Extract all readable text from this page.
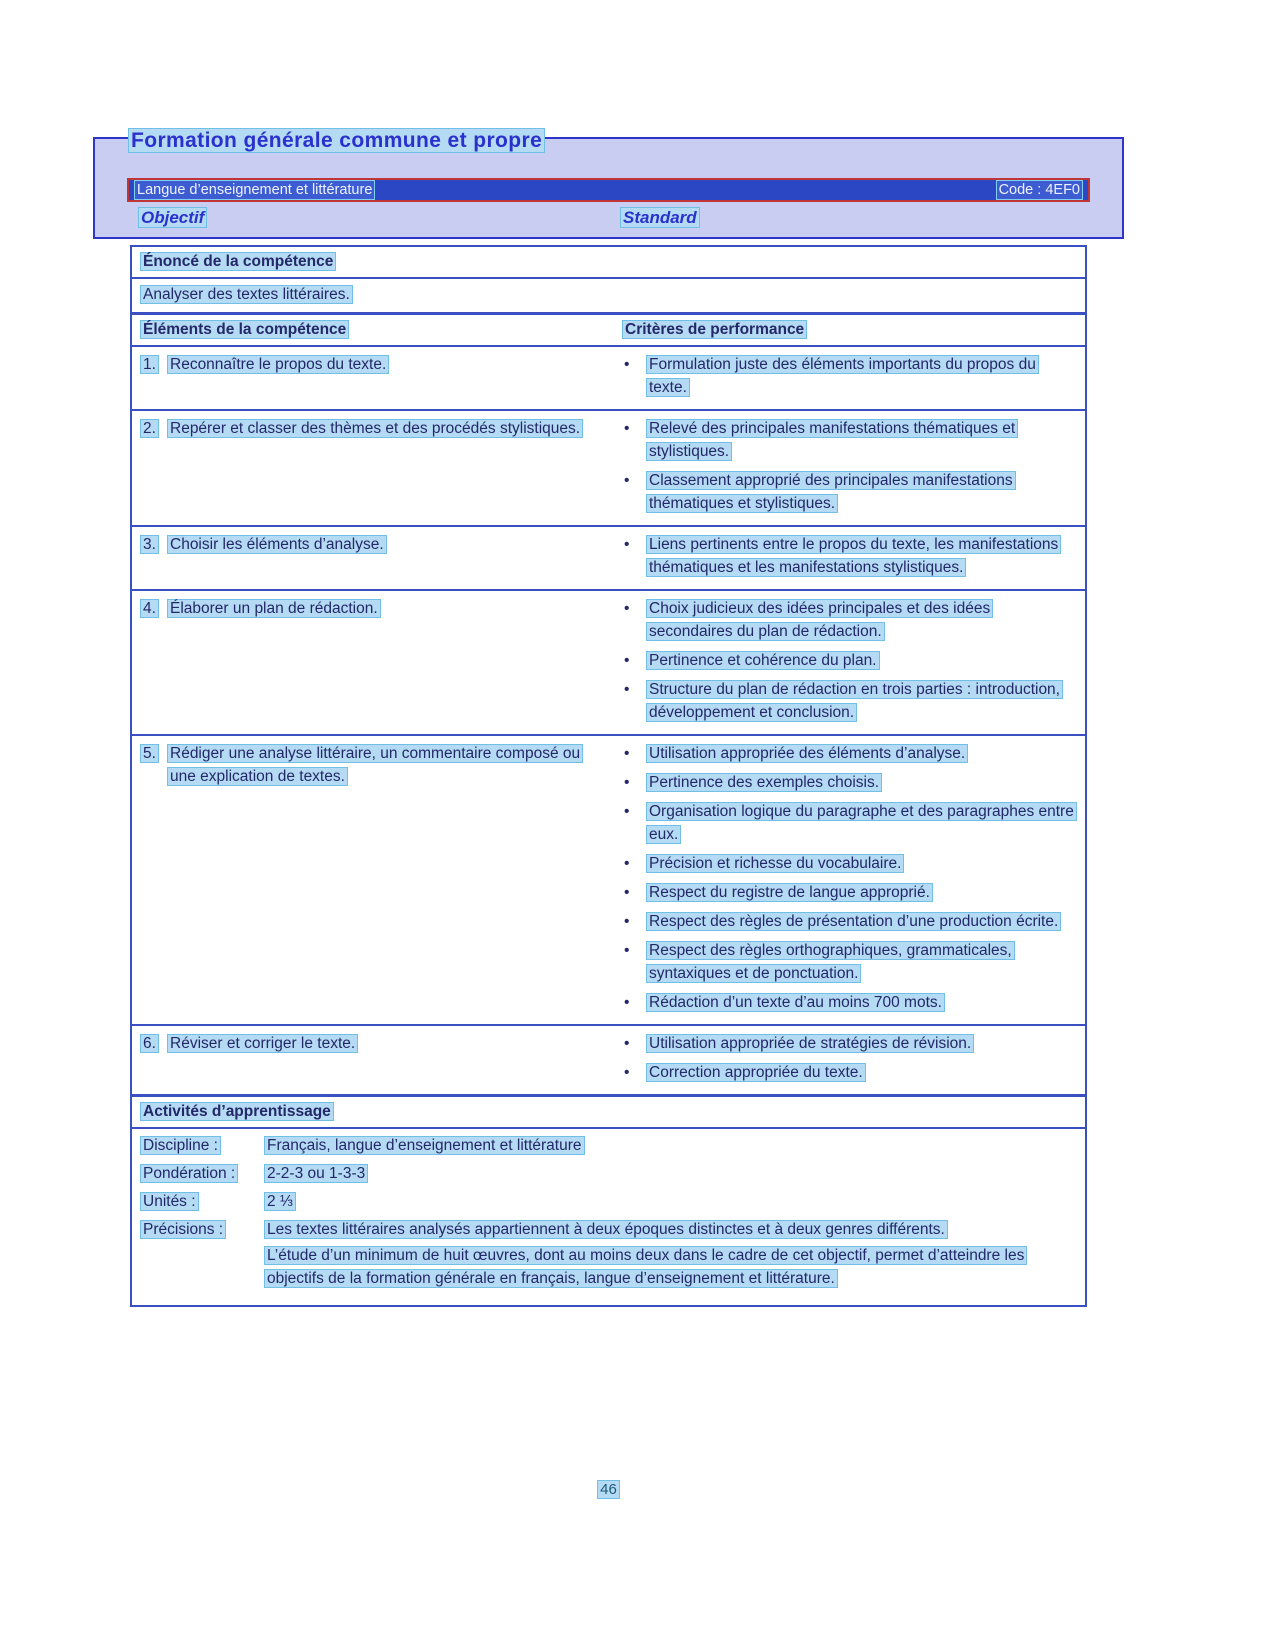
Formation générale commune et propre
Langue d’enseignement et littérature	Code : 4EF0
Objectif	Standard
Énoncé de la compétence
Analyser des textes littéraires.
Éléments de la compétence	Critères de performance
1. Reconnaître le propos du texte.	•	Formulation juste des éléments importants du propos du texte.
2. Repérer et classer des thèmes et des procédés stylistiques.	•	Relevé des principales manifestations thématiques et stylistiques.
•	Classement approprié des principales manifestations thématiques et stylistiques.
3. Choisir les éléments d’analyse.	•	Liens pertinents entre le propos du texte, les manifestations thématiques et les manifestations stylistiques.
4. Élaborer un plan de rédaction.	•	Choix judicieux des idées principales et des idées secondaires du plan de rédaction.
•	Pertinence et cohérence du plan.
•	Structure du plan de rédaction en trois parties : introduction, développement et conclusion.
5. Rédiger une analyse littéraire, un commentaire composé ou une explication de textes.
•	Utilisation appropriée des éléments d’analyse.
•	Pertinence des exemples choisis.
•	Organisation logique du paragraphe et des paragraphes entre eux.
•	Précision et richesse du vocabulaire.
•	Respect du registre de langue approprié.
•	Respect des règles de présentation d’une production écrite.
•	Respect des règles orthographiques, grammaticales, syntaxiques et de ponctuation.
•	Rédaction d’un texte d’au moins 700 mots.
6. Réviser et corriger le texte.	•	Utilisation appropriée de stratégies de révision.
•	Correction appropriée du texte.
Activités d’apprentissage
Discipline :	Français, langue d’enseignement et littérature
Pondération :	2-2-3 ou 1-3-3
Unités :	2 ⅓
Précisions :	Les textes littéraires analysés appartiennent à deux époques distinctes et à deux genres différents.

L’étude d’un minimum de huit œuvres, dont au moins deux dans le cadre de cet objectif, permet d’atteindre les objectifs de la formation générale en français, langue d’enseignement et littérature.

46
